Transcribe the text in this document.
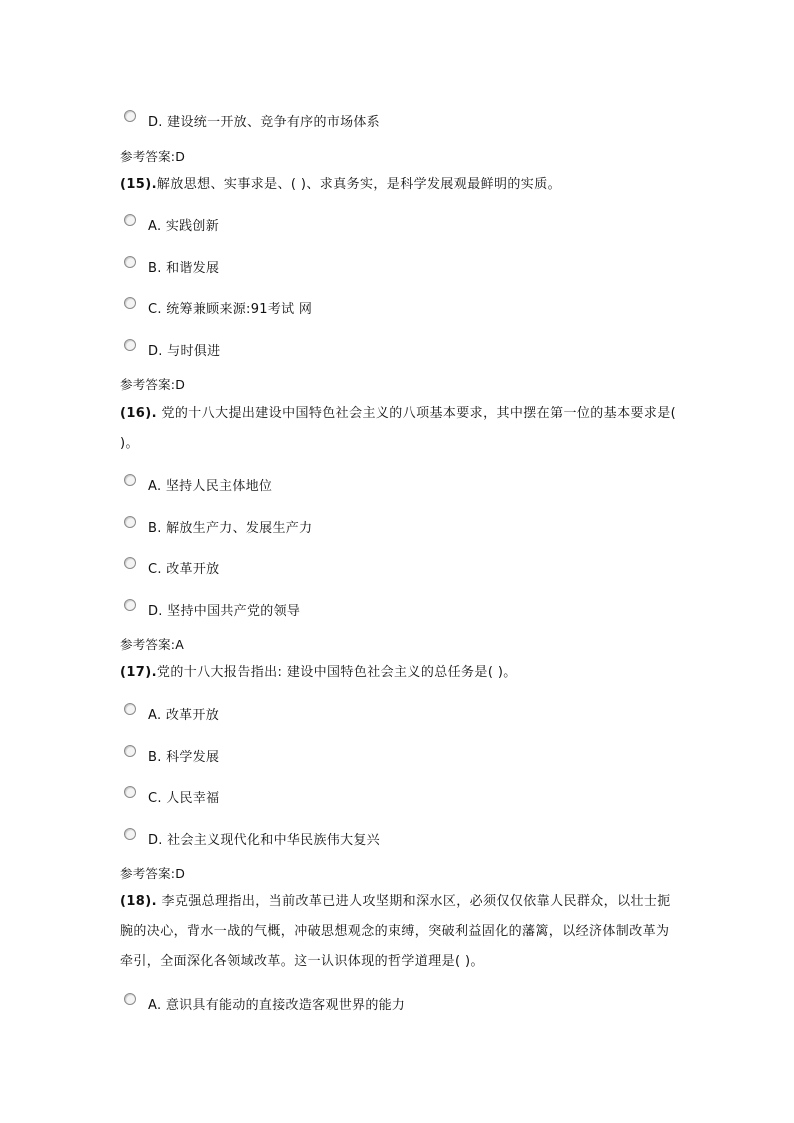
D. 建设统一开放、竞争有序的市场体系
参考答案:D
(15).解放思想、实事求是、( )、求真务实，是科学发展观最鲜明的实质。
A. 实践创新
B. 和谐发展
C. 统筹兼顾来源:91考试 网
D. 与时俱进
参考答案:D
(16). 党的十八大提出建设中国特色社会主义的八项基本要求，其中摆在第一位的基本要求是( )。
A. 坚持人民主体地位
B. 解放生产力、发展生产力
C. 改革开放
D. 坚持中国共产党的领导
参考答案:A
(17).党的十八大报告指出: 建设中国特色社会主义的总任务是( )。
A. 改革开放
B. 科学发展
C. 人民幸福
D. 社会主义现代化和中华民族伟大复兴
参考答案:D
(18). 李克强总理指出，当前改革已进人攻坚期和深水区，必须仅仅依靠人民群众，以壮士扼腕的决心，背水一战的气概，冲破思想观念的束缚，突破利益固化的藩篱，以经济体制改革为牵引，全面深化各领域改革。这一认识体现的哲学道理是( )。
A. 意识具有能动的直接改造客观世界的能力
